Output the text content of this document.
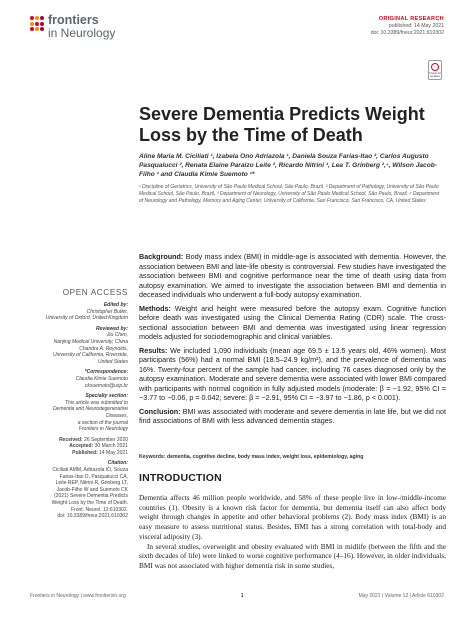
frontiers
in Neurology
ORIGINAL RESEARCH
published: 14 May 2021
doi: 10.3389/fneur.2021.610302
Check for updates
Severe Dementia Predicts Weight Loss by the Time of Death
Aline Maria M. Ciciliati ¹, Izabela Ono Adriazola ¹, Daniela Souza Farias-Itao ², Carlos Augusto Pasqualucci ², Renata Elaine Paraizo Leite ², Ricardo Nitrini ³, Lea T. Grinberg ²,⁴, Wilson Jacob-Filho ¹ and Claudia Kimie Suemoto ¹*
¹ Discipline of Geriatrics, University of São Paulo Medical School, São Paulo, Brazil, ² Department of Pathology, University of São Paulo Medical School, São Paulo, Brazil, ³ Department of Neurology, University of São Paulo Medical School, São Paulo, Brazil, ⁴ Department of Neurology and Pathology, Memory and Aging Center, University of California, San Francisco, San Francisco, CA, United States

Background: Body mass index (BMI) in middle-age is associated with dementia. However, the association between BMI and late-life obesity is controversial. Few studies have investigated the association between BMI and cognitive performance near the time of death using data from autopsy examination. We aimed to investigate the association between BMI and dementia in deceased individuals who underwent a full-body autopsy examination.

Methods: Weight and height were measured before the autopsy exam. Cognitive function before death was investigated using the Clinical Dementia Rating (CDR) scale. The cross-sectional association between BMI and dementia was investigated using linear regression models adjusted for sociodemographic and clinical variables.

Results: We included 1,090 individuals (mean age 69.5 ± 13.5 years old, 46% women). Most participants (56%) had a normal BMI (18.5–24.9 kg/m²), and the prevalence of dementia was 16%. Twenty-four percent of the sample had cancer, including 76 cases diagnosed only by the autopsy examination. Moderate and severe dementia were associated with lower BMI compared with participants with normal cognition in fully adjusted models (moderate: β = −1.92, 95% CI = −3.77 to −0.06, p = 0.042; severe: β = −2.91, 95% CI = −3.97 to −1.86, p < 0.001).

Conclusion: BMI was associated with moderate and severe dementia in late life, but we did not find associations of BMI with less advanced dementia stages.

Keywords: dementia, cognitive decline, body mass index, weight loss, epidemiology, aging
OPEN ACCESS
Edited by:
Christopher Butler,
University of Oxford, United Kingdom
Reviewed by:
Jiu Chen,
Nanjing Medical University, China
Chandra A. Reynolds,
University of California, Riverside,
United States
*Correspondence:
Claudia Kimie Suemoto
cksuemoto@usp.br
Specialty section:
This article was submitted to
Dementia and Neurodegenerative
Diseases,
a section of the journal
Frontiers in Neurology
Received: 26 September 2020
Accepted: 30 March 2021
Published: 14 May 2021
Citation:
Ciciliati AMM, Adriazola IO, Souza
Farias-Itao D, Pasqualucci CA,
Leite REP, Nitrini R, Grinberg LT,
Jacob-Filho W and Suemoto CK
(2021) Severe Dementia Predicts
Weight Loss by the Time of Death.
Front. Neurol. 12:610302.
doi: 10.3389/fneur.2021.610302
INTRODUCTION

Dementia affects 46 million people worldwide, and 58% of these people live in low-/middle-income countries (1). Obesity is a known risk factor for dementia, but dementia itself can also affect body weight through changes in appetite and other behavioral problems (2). Body mass index (BMI) is an easy measure to assess nutritional status. Besides, BMI has a strong correlation with total-body and visceral adiposity (3).

In several studies, overweight and obesity evaluated with BMI in midlife (between the fifth and the sixth decades of life) were linked to worse cognitive performance (4–16). However, in older individuals, BMI was not associated with higher dementia risk in some studies,

Frontiers in Neurology | www.frontiersin.org	1	May 2021 | Volume 12 | Article 610302
